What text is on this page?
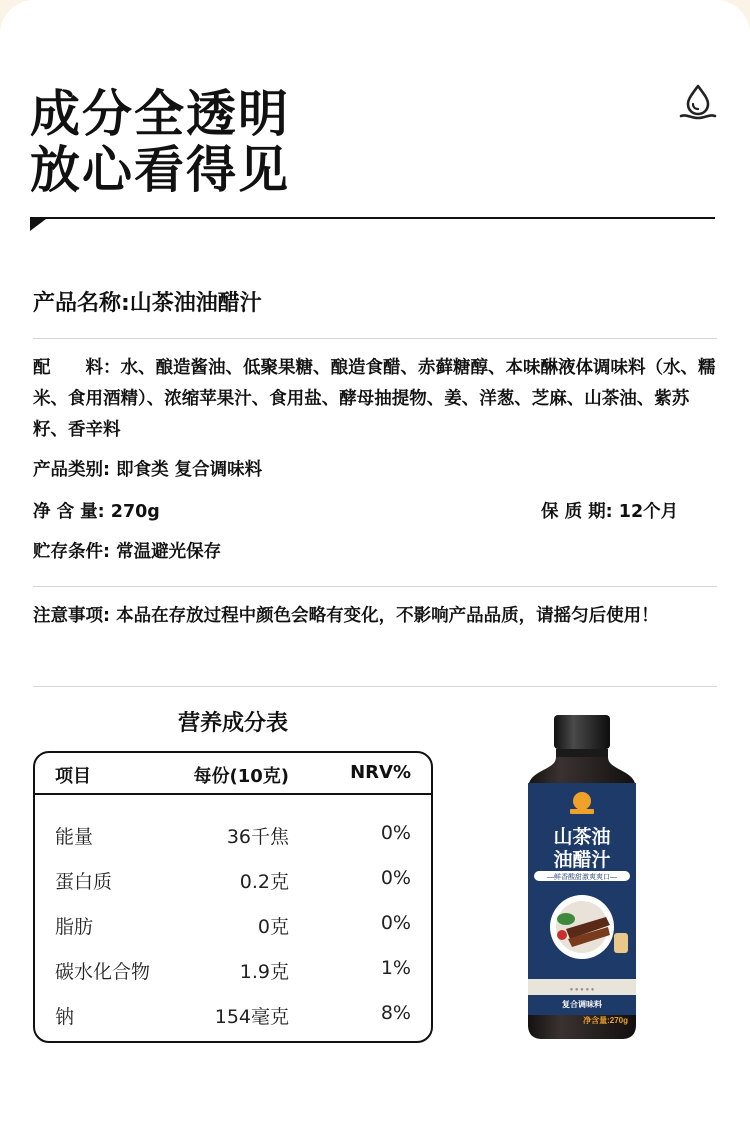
成分全透明
放心看得见
产品名称:山茶油油醋汁
配　　料：水、酿造酱油、低聚果糖、酿造食醋、赤藓糖醇、本味醂液体调味料（水、糯米、食用酒精）、浓缩苹果汁、食用盐、酵母抽提物、姜、洋葱、芝麻、山茶油、紫苏籽、香辛料
产品类别: 即食类 复合调味料
净 含 量: 270g	保 质 期: 12个月
贮存条件: 常温避光保存
注意事项: 本品在存放过程中颜色会略有变化，不影响产品品质，请摇匀后使用！
营养成分表
项目	每份(10克)	NRV%
能量	36千焦	0%
蛋白质	0.2克	0%
脂肪	0克	0%
碳水化合物	1.9克	1%
钠	154毫克	8%
山茶油
油醋汁
—鲜香酸甜激爽爽口—
● ● ● ● ●
复合调味料
净含量:270g
